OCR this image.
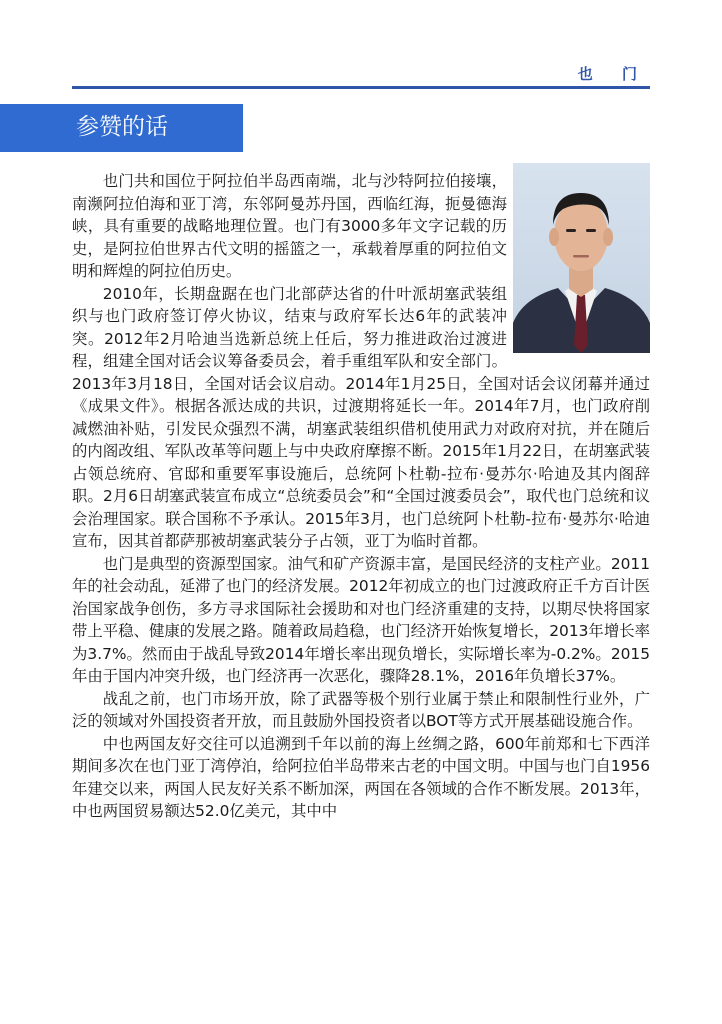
也 门
参赞的话

也门共和国位于阿拉伯半岛西南端，北与沙特阿拉伯接壤，南濒阿拉伯海和亚丁湾，东邻阿曼苏丹国，西临红海，扼曼德海峡，具有重要的战略地理位置。也门有3000多年文字记载的历史，是阿拉伯世界古代文明的摇篮之一，承载着厚重的阿拉伯文明和辉煌的阿拉伯历史。

2010年，长期盘踞在也门北部萨达省的什叶派胡塞武装组织与也门政府签订停火协议，结束与政府军长达6年的武装冲突。2012年2月哈迪当选新总统上任后，努力推进政治过渡进程，组建全国对话会议筹备委员会，着手重组军队和安全部门。2013年3月18日，全国对话会议启动。2014年1月25日，全国对话会议闭幕并通过《成果文件》。根据各派达成的共识，过渡期将延长一年。2014年7月，也门政府削减燃油补贴，引发民众强烈不满，胡塞武装组织借机使用武力对政府对抗，并在随后的内阁改组、军队改革等问题上与中央政府摩擦不断。2015年1月22日，在胡塞武装占领总统府、官邸和重要军事设施后，总统阿卜杜勒-拉布·曼苏尔·哈迪及其内阁辞职。2月6日胡塞武装宣布成立“总统委员会”和“全国过渡委员会”，取代也门总统和议会治理国家。联合国称不予承认。2015年3月，也门总统阿卜杜勒-拉布·曼苏尔·哈迪宣布，因其首都萨那被胡塞武装分子占领，亚丁为临时首都。

也门是典型的资源型国家。油气和矿产资源丰富，是国民经济的支柱产业。2011年的社会动乱，延滞了也门的经济发展。2012年初成立的也门过渡政府正千方百计医治国家战争创伤，多方寻求国际社会援助和对也门经济重建的支持，以期尽快将国家带上平稳、健康的发展之路。随着政局趋稳，也门经济开始恢复增长，2013年增长率为3.7%。然而由于战乱导致2014年增长率出现负增长，实际增长率为-0.2%。2015年由于国内冲突升级，也门经济再一次恶化，骤降28.1%，2016年负增长37%。

战乱之前，也门市场开放，除了武器等极个别行业属于禁止和限制性行业外，广泛的领域对外国投资者开放，而且鼓励外国投资者以BOT等方式开展基础设施合作。

中也两国友好交往可以追溯到千年以前的海上丝绸之路，600年前郑和七下西洋期间多次在也门亚丁湾停泊，给阿拉伯半岛带来古老的中国文明。中国与也门自1956年建交以来，两国人民友好关系不断加深，两国在各领域的合作不断发展。2013年，中也两国贸易额达52.0亿美元，其中中
